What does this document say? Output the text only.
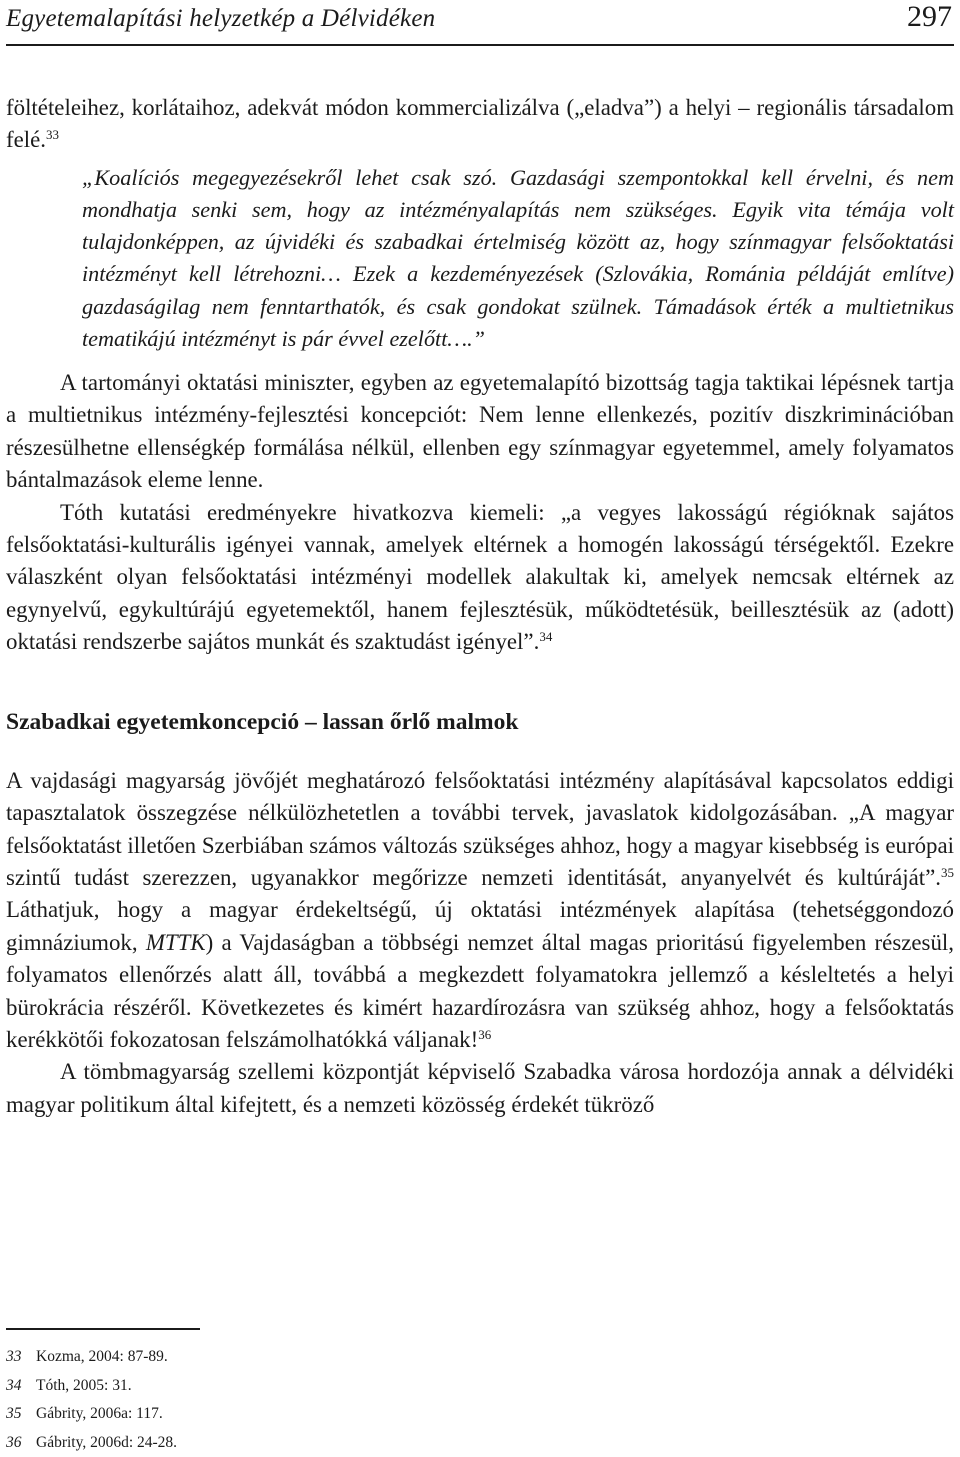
Egyetemalapítási helyzetkép a Délvidéken	297

föltételeihez, korlátaihoz, adekvát módon kommercializálva („eladva”) a helyi – regionális társadalom felé.$^{33}$

„Koalíciós megegyezésekről lehet csak szó. Gazdasági szempontokkal kell érvelni, és nem mondhatja senki sem, hogy az intézményalapítás nem szükséges. Egyik vita témája volt tulajdonképpen, az újvidéki és szabadkai értelmiség között az, hogy színmagyar felsőoktatási intézményt kell létrehozni… Ezek a kezdeményezések (Szlovákia, Románia példáját említve) gazdaságilag nem fenntarthatók, és csak gondokat szülnek. Támadások érték a multietnikus tematikájú intézményt is pár évvel ezelőtt….”

A tartományi oktatási miniszter, egyben az egyetemalapító bizottság tagja taktikai lépésnek tartja a multietnikus intézmény-fejlesztési koncepciót: Nem lenne ellenkezés, pozitív diszkriminációban részesülhetne ellenségkép formálása nélkül, ellenben egy színmagyar egyetemmel, amely folyamatos bántalmazások eleme lenne.

Tóth kutatási eredményekre hivatkozva kiemeli: „a vegyes lakosságú régióknak sajátos felsőoktatási-kulturális igényei vannak, amelyek eltérnek a homogén lakosságú térségektől. Ezekre válaszként olyan felsőoktatási intézményi modellek alakultak ki, amelyek nemcsak eltérnek az egynyelvű, egykultúrájú egyetemektől, hanem fejlesztésük, működtetésük, beillesztésük az (adott) oktatási rendszerbe sajátos munkát és szaktudást igényel”.$^{34}$

Szabadkai egyetemkoncepció – lassan őrlő malmok

A vajdasági magyarság jövőjét meghatározó felsőoktatási intézmény alapításával kapcsolatos eddigi tapasztalatok összegzése nélkülözhetetlen a további tervek, javaslatok kidolgozásában. „A magyar felsőoktatást illetően Szerbiában számos változás szükséges ahhoz, hogy a magyar kisebbség is európai szintű tudást szerezzen, ugyanakkor megőrizze nemzeti identitását, anyanyelvét és kultúráját”.$^{35}$ Láthatjuk, hogy a magyar érdekeltségű, új oktatási intézmények alapítása (tehetséggondozó gimnáziumok, MTTK) a Vajdaságban a többségi nemzet által magas prioritású figyelemben részesül, folyamatos ellenőrzés alatt áll, továbbá a megkezdett folyamatokra jellemző a késleltetés a helyi bürokrácia részéről. Következetes és kimért hazardírozásra van szükség ahhoz, hogy a felsőoktatás kerékkötői fokozatosan felszámolhatókká váljanak!$^{36}$

A tömbmagyarság szellemi központját képviselő Szabadka városa hordozója annak a délvidéki magyar politikum által kifejtett, és a nemzeti közösség érdekét tükröző

33 Kozma, 2004: 87-89.
34 Tóth, 2005: 31.
35 Gábrity, 2006a: 117.
36 Gábrity, 2006d: 24-28.
